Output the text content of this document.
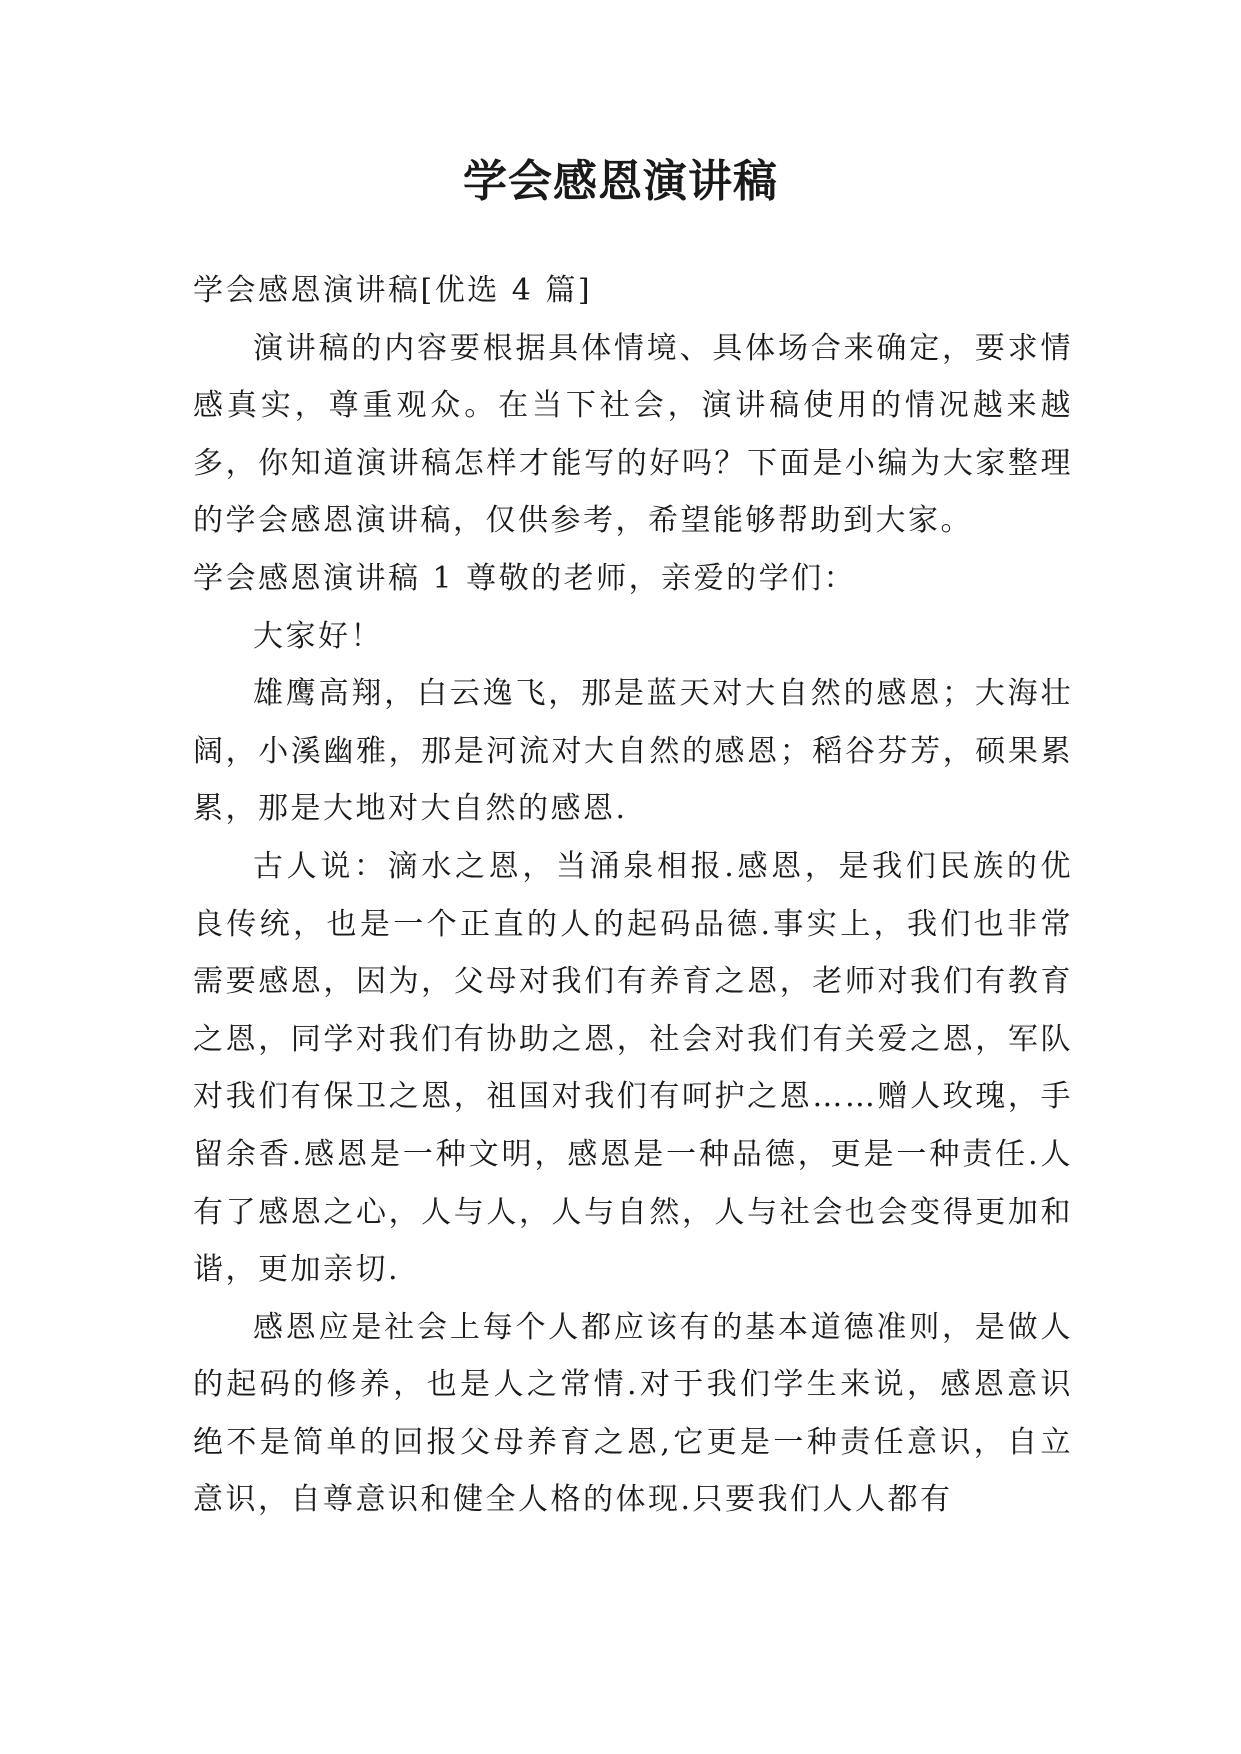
学会感恩演讲稿

学会感恩演讲稿[优选 4 篇]

演讲稿的内容要根据具体情境、具体场合来确定，要求情感真实，尊重观众。在当下社会，演讲稿使用的情况越来越多，你知道演讲稿怎样才能写的好吗？下面是小编为大家整理的学会感恩演讲稿，仅供参考，希望能够帮助到大家。

学会感恩演讲稿 1 尊敬的老师，亲爱的学们：

大家好！

雄鹰高翔，白云逸飞，那是蓝天对大自然的感恩；大海壮阔，小溪幽雅，那是河流对大自然的感恩；稻谷芬芳，硕果累累，那是大地对大自然的感恩.

古人说：滴水之恩，当涌泉相报.感恩，是我们民族的优良传统，也是一个正直的人的起码品德.事实上，我们也非常需要感恩，因为，父母对我们有养育之恩，老师对我们有教育之恩，同学对我们有协助之恩，社会对我们有关爱之恩，军队对我们有保卫之恩，祖国对我们有呵护之恩……赠人玫瑰，手留余香.感恩是一种文明，感恩是一种品德，更是一种责任.人有了感恩之心，人与人，人与自然，人与社会也会变得更加和谐，更加亲切.

感恩应是社会上每个人都应该有的基本道德准则，是做人的起码的修养，也是人之常情.对于我们学生来说，感恩意识绝不是简单的回报父母养育之恩,它更是一种责任意识，自立意识，自尊意识和健全人格的体现.只要我们人人都有
